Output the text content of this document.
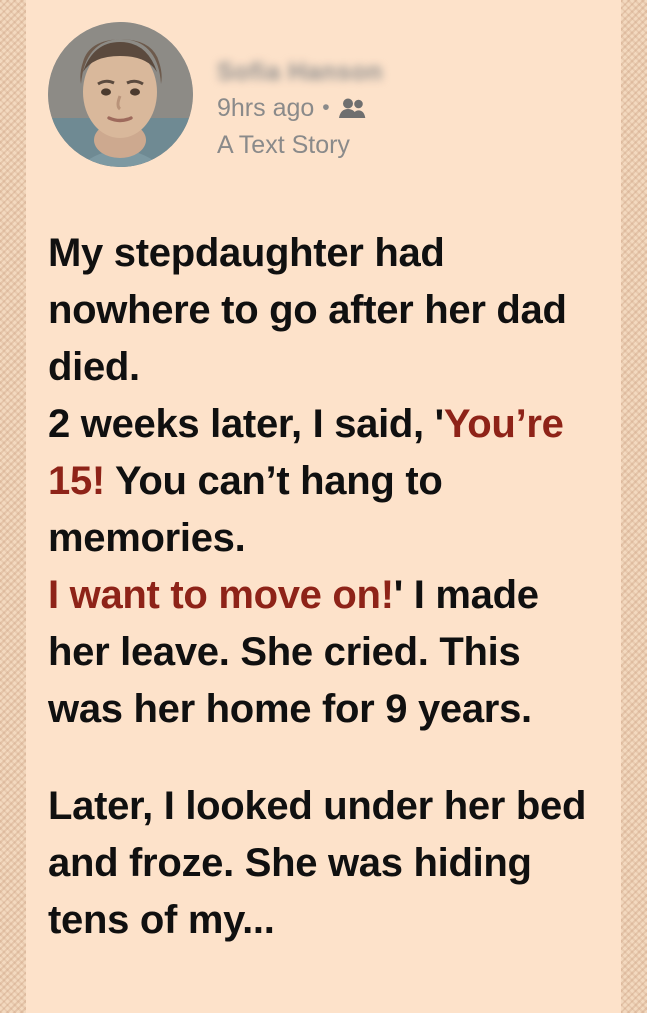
Sofia Hanson
9hrs ago •
A Text Story

My stepdaughter had nowhere to go after her dad died.

2 weeks later, I said, 'You’re 15! You can’t hang to memories.

I want to move on!' I made her leave. She cried. This was her home for 9 years.

Later, I looked under her bed and froze. She was hiding tens of my...
